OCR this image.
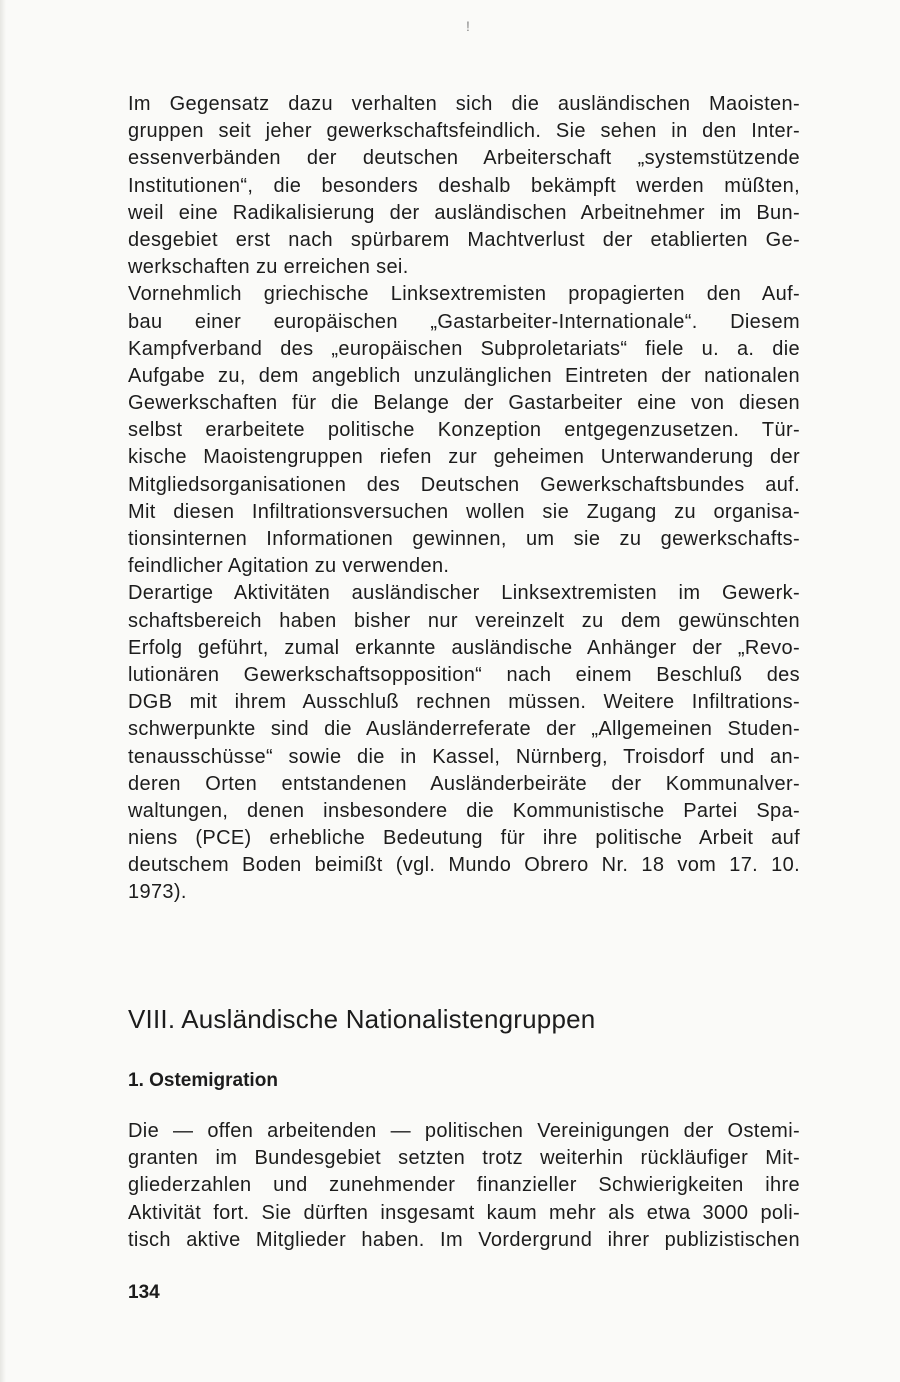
!
Im Gegensatz dazu verhalten sich die ausländischen Maoisten-
gruppen seit jeher gewerkschaftsfeindlich. Sie sehen in den Inter-
essenverbänden der deutschen Arbeiterschaft „systemstützende
Institutionen“, die besonders deshalb bekämpft werden müßten,
weil eine Radikalisierung der ausländischen Arbeitnehmer im Bun-
desgebiet erst nach spürbarem Machtverlust der etablierten Ge-
werkschaften zu erreichen sei.
Vornehmlich griechische Linksextremisten propagierten den Auf-
bau einer europäischen „Gastarbeiter-Internationale“. Diesem
Kampfverband des „europäischen Subproletariats“ fiele u. a. die
Aufgabe zu, dem angeblich unzulänglichen Eintreten der nationalen
Gewerkschaften für die Belange der Gastarbeiter eine von diesen
selbst erarbeitete politische Konzeption entgegenzusetzen. Tür-
kische Maoistengruppen riefen zur geheimen Unterwanderung der
Mitgliedsorganisationen des Deutschen Gewerkschaftsbundes auf.
Mit diesen Infiltrationsversuchen wollen sie Zugang zu organisa-
tionsinternen Informationen gewinnen, um sie zu gewerkschafts-
feindlicher Agitation zu verwenden.
Derartige Aktivitäten ausländischer Linksextremisten im Gewerk-
schaftsbereich haben bisher nur vereinzelt zu dem gewünschten
Erfolg geführt, zumal erkannte ausländische Anhänger der „Revo-
lutionären Gewerkschaftsopposition“ nach einem Beschluß des
DGB mit ihrem Ausschluß rechnen müssen. Weitere Infiltrations-
schwerpunkte sind die Ausländerreferate der „Allgemeinen Studen-
tenausschüsse“ sowie die in Kassel, Nürnberg, Troisdorf und an-
deren Orten entstandenen Ausländerbeiräte der Kommunalver-
waltungen, denen insbesondere die Kommunistische Partei Spa-
niens (PCE) erhebliche Bedeutung für ihre politische Arbeit auf
deutschem Boden beimißt (vgl. Mundo Obrero Nr. 18 vom 17. 10.
1973).
VIII. Ausländische Nationalistengruppen
1. Ostemigration
Die — offen arbeitenden — politischen Vereinigungen der Ostemi-
granten im Bundesgebiet setzten trotz weiterhin rückläufiger Mit-
gliederzahlen und zunehmender finanzieller Schwierigkeiten ihre
Aktivität fort. Sie dürften insgesamt kaum mehr als etwa 3000 poli-
tisch aktive Mitglieder haben. Im Vordergrund ihrer publizistischen
134
